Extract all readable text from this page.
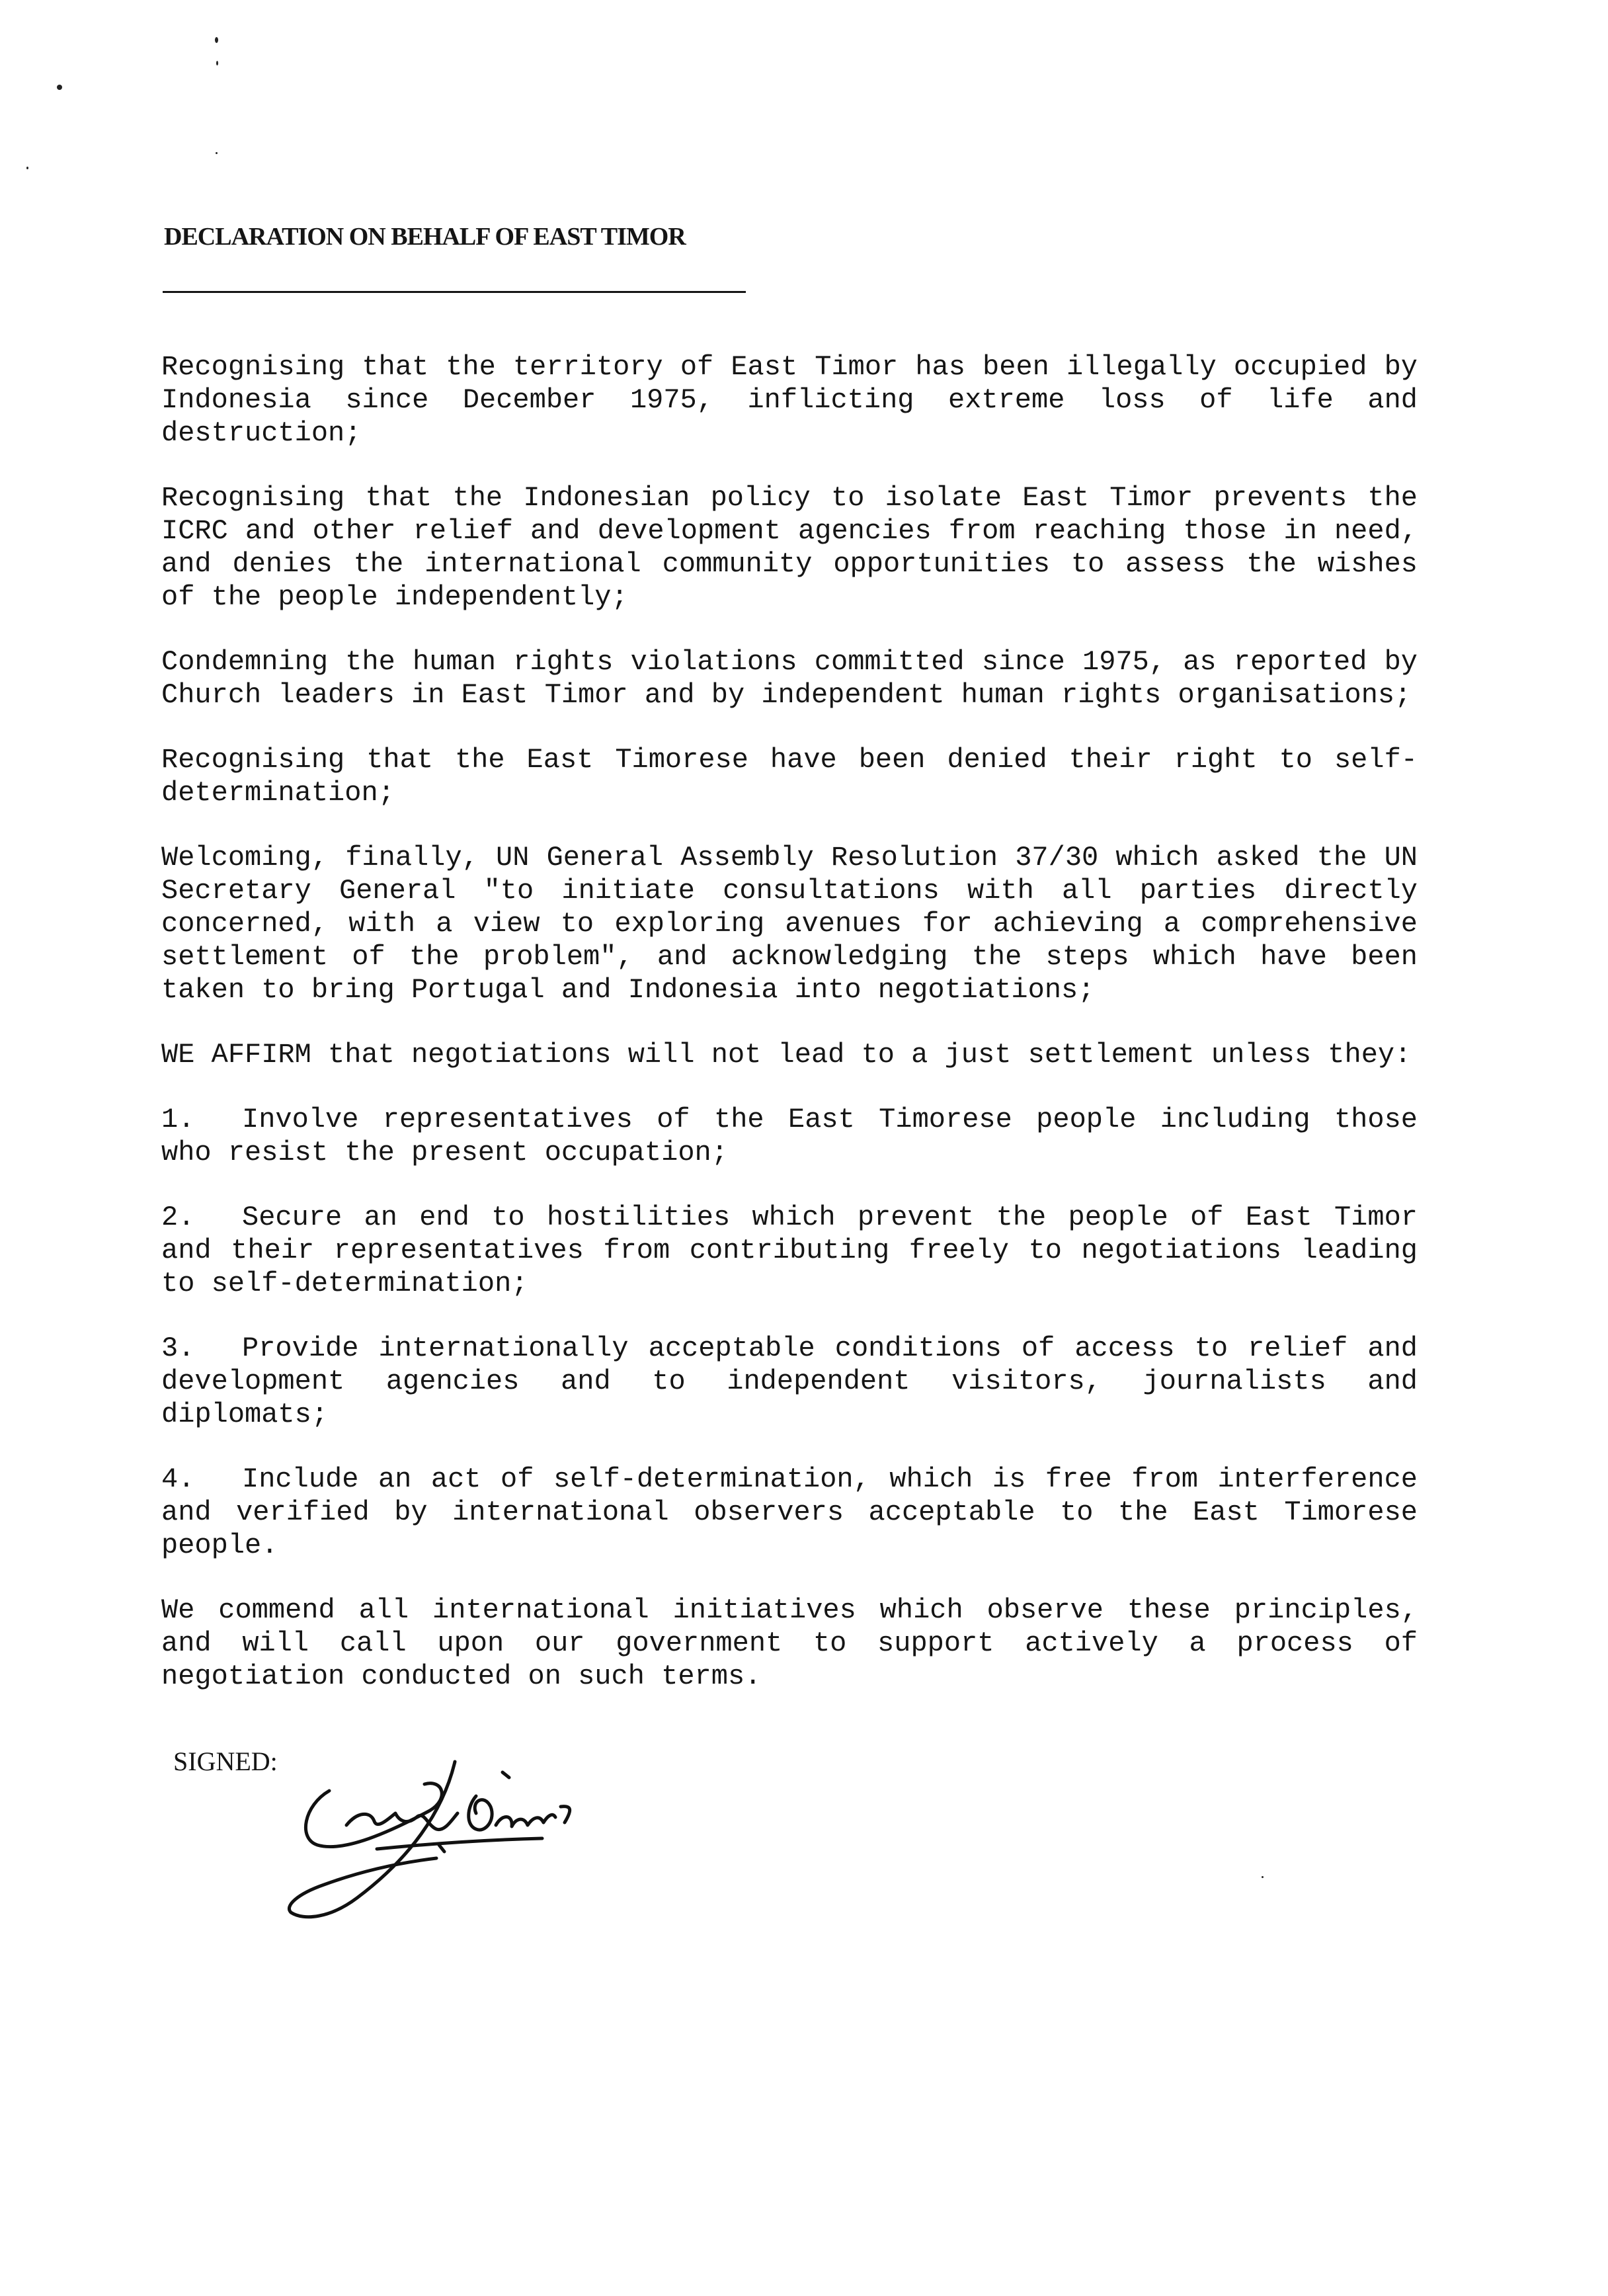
DECLARATION ON BEHALF OF EAST TIMOR

Recognising that the territory of East Timor has been illegally occupied by Indonesia since December 1975, inflicting extreme loss of life and destruction;

Recognising that the Indonesian policy to isolate East Timor prevents the ICRC and other relief and development agencies from reaching those in need, and denies the international community opportunities to assess the wishes of the people independently;

Condemning the human rights violations committed since 1975, as reported by Church leaders in East Timor and by independent human rights organisations;

Recognising that the East Timorese have been denied their right to self-determination;

Welcoming, finally, UN General Assembly Resolution 37/30 which asked the UN Secretary General "to initiate consultations with all parties directly concerned, with a view to exploring avenues for achieving a comprehensive settlement of the problem", and acknowledging the steps which have been taken to bring Portugal and Indonesia into negotiations;

WE AFFIRM that negotiations will not lead to a just settlement unless they:

1. Involve representatives of the East Timorese people including those who resist the present occupation;

2. Secure an end to hostilities which prevent the people of East Timor and their representatives from contributing freely to negotiations leading to self-determination;

3. Provide internationally acceptable conditions of access to relief and development agencies and to independent visitors, journalists and diplomats;

4. Include an act of self-determination, which is free from interference and verified by international observers acceptable to the East Timorese people.

We commend all international initiatives which observe these principles, and will call upon our government to support actively a process of negotiation conducted on such terms.

SIGNED:
